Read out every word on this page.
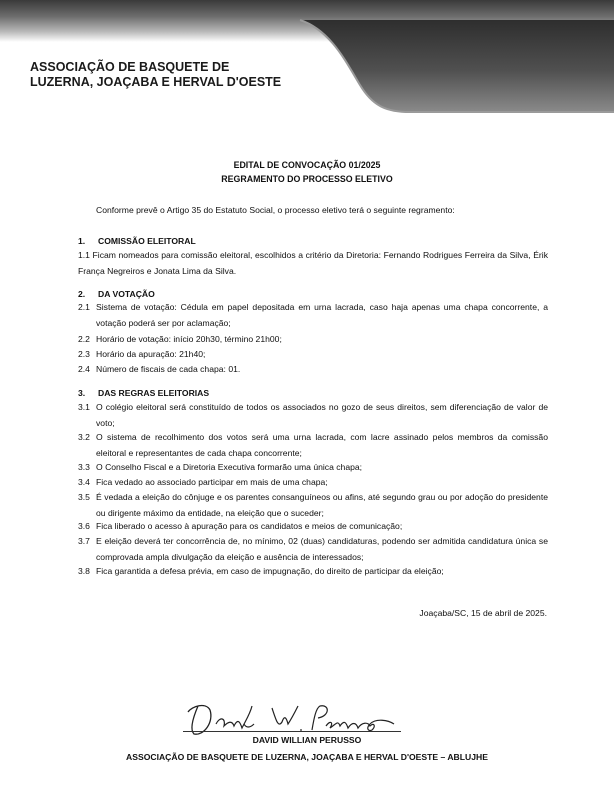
ASSOCIAÇÃO DE BASQUETE DE
LUZERNA, JOAÇABA E HERVAL D'OESTE
EDITAL DE CONVOCAÇÃO 01/2025
REGRAMENTO DO PROCESSO ELETIVO
Conforme prevê o Artigo 35 do Estatuto Social, o processo eletivo terá o seguinte regramento:
1. COMISSÃO ELEITORAL
1.1 Ficam nomeados para comissão eleitoral, escolhidos a critério da Diretoria: Fernando Rodrigues Ferreira da Silva, Érik França Negreiros e Jonata Lima da Silva.
2. DA VOTAÇÃO
2.1 Sistema de votação: Cédula em papel depositada em urna lacrada, caso haja apenas uma chapa concorrente, a votação poderá ser por aclamação;
2.2 Horário de votação: início 20h30, término 21h00;
2.3 Horário da apuração: 21h40;
2.4 Número de fiscais de cada chapa: 01.
3. DAS REGRAS ELEITORIAS
3.1 O colégio eleitoral será constituído de todos os associados no gozo de seus direitos, sem diferenciação de valor de voto;
3.2 O sistema de recolhimento dos votos será uma urna lacrada, com lacre assinado pelos membros da comissão eleitoral e representantes de cada chapa concorrente;
3.3 O Conselho Fiscal e a Diretoria Executiva formarão uma única chapa;
3.4 Fica vedado ao associado participar em mais de uma chapa;
3.5 É vedada a eleição do cônjuge e os parentes consanguíneos ou afins, até segundo grau ou por adoção do presidente ou dirigente máximo da entidade, na eleição que o suceder;
3.6 Fica liberado o acesso à apuração para os candidatos e meios de comunicação;
3.7 E eleição deverá ter concorrência de, no mínimo, 02 (duas) candidaturas, podendo ser admitida candidatura única se comprovada ampla divulgação da eleição e ausência de interessados;
3.8 Fica garantida a defesa prévia, em caso de impugnação, do direito de participar da eleição;
Joaçaba/SC, 15 de abril de 2025.
DAVID WILLIAN PERUSSO
ASSOCIAÇÃO DE BASQUETE DE LUZERNA, JOAÇABA E HERVAL D'OESTE – ABLUJHE
